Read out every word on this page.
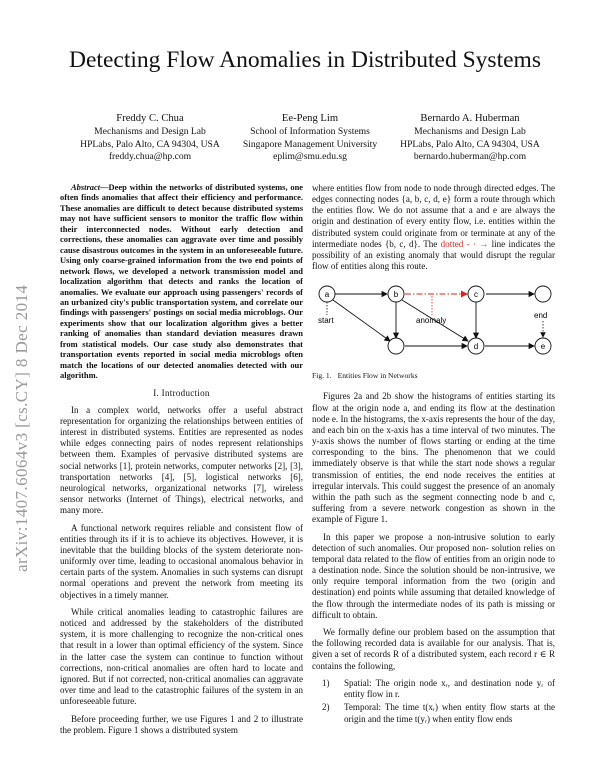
arXiv:1407.6064v3 [cs.CY] 8 Dec 2014
Detecting Flow Anomalies in Distributed Systems
Freddy C. Chua
Mechanisms and Design Lab
HPLabs, Palo Alto, CA 94304, USA
freddy.chua@hp.com
Ee-Peng Lim
School of Information Systems
Singapore Management University
eplim@smu.edu.sg
Bernardo A. Huberman
Mechanisms and Design Lab
HPLabs, Palo Alto, CA 94304, USA
bernardo.huberman@hp.com

Abstract—Deep within the networks of distributed systems, one often finds anomalies that affect their efficiency and performance. These anomalies are difficult to detect because distributed systems may not have sufficient sensors to monitor the traffic flow within their interconnected nodes. Without early detection and corrections, these anomalies can aggravate over time and possibly cause disastrous outcomes in the system in an unforeseeable future. Using only coarse-grained information from the two end points of network flows, we developed a network transmission model and localization algorithm that detects and ranks the location of anomalies. We evaluate our approach using passengers' records of an urbanized city's public transportation system, and correlate our findings with passengers' postings on social media microblogs. Our experiments show that our localization algorithm gives a better ranking of anomalies than standard deviation measures drawn from statistical models. Our case study also demonstrates that transportation events reported in social media microblogs often match the locations of our detected anomalies detected with our algorithm.

I. Introduction

In a complex world, networks offer a useful abstract representation for organizing the relationships between entities of interest in distributed systems. Entities are represented as nodes while edges connecting pairs of nodes represent relationships between them. Examples of pervasive distributed systems are social networks [1], protein networks, computer networks [2], [3], transportation networks [4], [5], logistical networks [6], neurological networks, organizational networks [7], wireless sensor networks (Internet of Things), electrical networks, and many more.

A functional network requires reliable and consistent flow of entities through its if it is to achieve its objectives. However, it is inevitable that the building blocks of the system deteriorate non-uniformly over time, leading to occasional anomalous behavior in certain parts of the system. Anomalies in such systems can disrupt normal operations and prevent the network from meeting its objectives in a timely manner.

While critical anomalies leading to catastrophic failures are noticed and addressed by the stakeholders of the distributed system, it is more challenging to recognize the non-critical ones that result in a lower than optimal efficiency of the system. Since in the latter case the system can continue to function without corrections, non-critical anomalies are often hard to locate and ignored. But if not corrected, non-critical anomalies can aggravate over time and lead to the catastrophic failures of the system in an unforeseeable future.

Before proceeding further, we use Figures 1 and 2 to illustrate the problem. Figure 1 shows a distributed system

where entities flow from node to node through directed edges. The edges connecting nodes {a, b, c, d, e} form a route through which the entities flow. We do not assume that a and e are always the origin and destination of every entity flow, i.e. entities within the distributed system could originate from or terminate at any of the intermediate nodes {b, c, d}. The dotted - · → line indicates the possibility of an existing anomaly that would disrupt the regular flow of entities along this route.

a	b	c
d	e
start	anomaly
end
Fig. 1. Entities Flow in Networks

Figures 2a and 2b show the histograms of entities starting its flow at the origin node a, and ending its flow at the destination node e. In the histograms, the x-axis represents the hour of the day, and each bin on the x-axis has a time interval of two minutes. The y-axis shows the number of flows starting or ending at the time corresponding to the bins. The phenomenon that we could immediately observe is that while the start node shows a regular transmission of entities, the end node receives the entities at irregular intervals. This could suggest the presence of an anomaly within the path such as the segment connecting node b and c, suffering from a severe network congestion as shown in the example of Figure 1.

In this paper we propose a non-intrusive solution to early detection of such anomalies. Our proposed non- solution relies on temporal data related to the flow of entities from an origin node to a destination node. Since the solution should be non-intrusive, we only require temporal information from the two (origin and destination) end points while assuming that detailed knowledge of the flow through the intermediate nodes of its path is missing or difficult to obtain.

We formally define our problem based on the assumption that the following recorded data is available for our analysis. That is, given a set of records R of a distributed system, each record r ∈ R contains the following,

1) Spatial: The origin node xᵣ, and destination node yᵣ of entity flow in r.
2) Temporal: The time t(xᵣ) when entity flow starts at the origin and the time t(yᵣ) when entity flow ends
